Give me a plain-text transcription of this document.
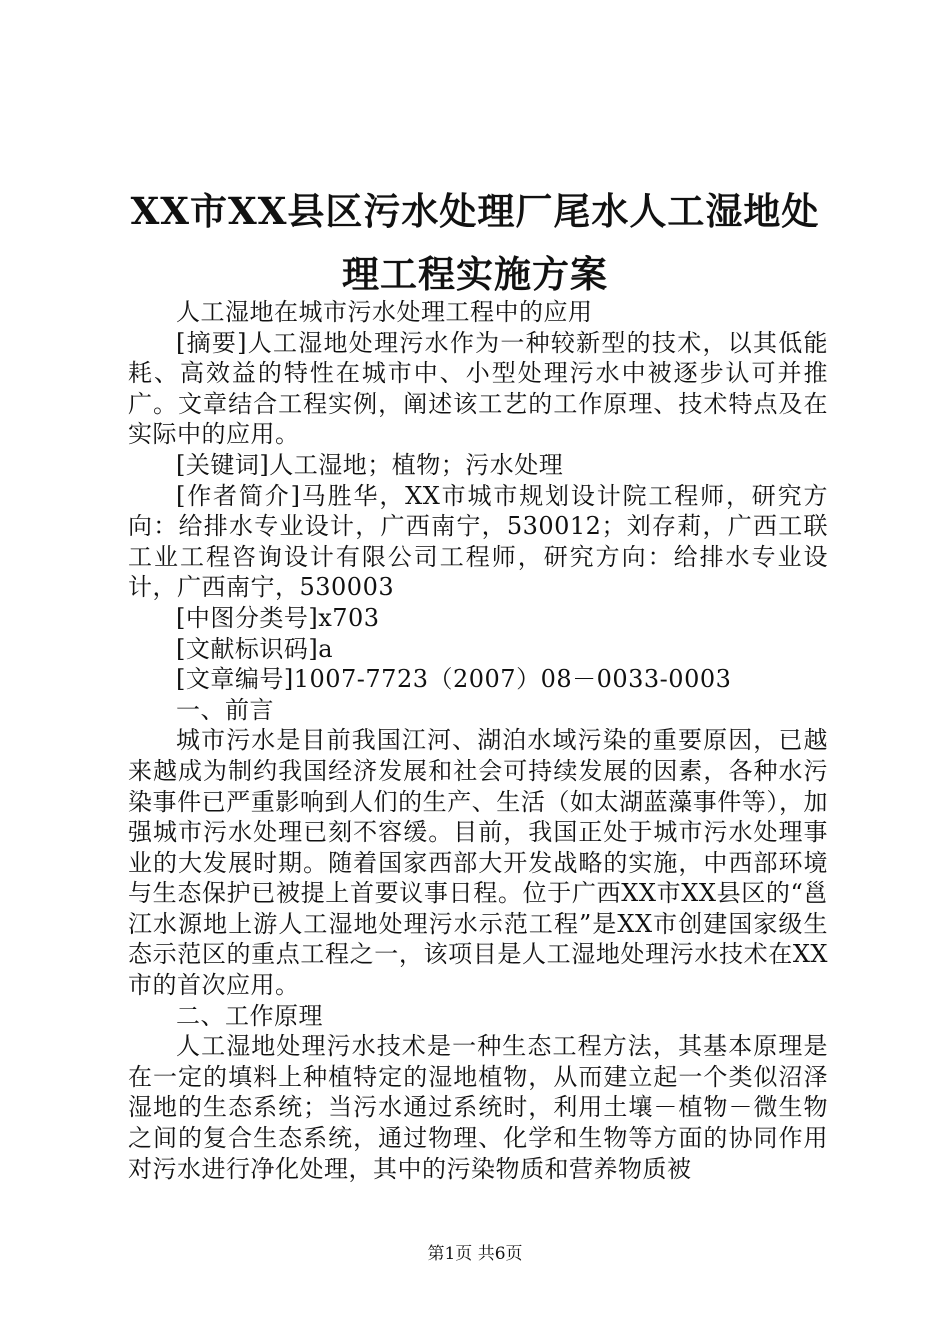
XX市XX县区污水处理厂尾水人工湿地处理工程实施方案

人工湿地在城市污水处理工程中的应用

[摘要]人工湿地处理污水作为一种较新型的技术，以其低能耗、高效益的特性在城市中、小型处理污水中被逐步认可并推广。文章结合工程实例，阐述该工艺的工作原理、技术特点及在实际中的应用。

[关键词]人工湿地；植物；污水处理

[作者简介]马胜华，XX市城市规划设计院工程师，研究方向：给排水专业设计，广西南宁，530012；刘存莉，广西工联工业工程咨询设计有限公司工程师，研究方向：给排水专业设计，广西南宁，530003

[中图分类号]x703

[文献标识码]a

[文章编号]1007-7723（2007）08－0033-0003

一、前言

城市污水是目前我国江河、湖泊水域污染的重要原因，已越来越成为制约我国经济发展和社会可持续发展的因素，各种水污染事件已严重影响到人们的生产、生活（如太湖蓝藻事件等），加强城市污水处理已刻不容缓。目前，我国正处于城市污水处理事业的大发展时期。随着国家西部大开发战略的实施，中西部环境与生态保护已被提上首要议事日程。位于广西XX市XX县区的“邕江水源地上游人工湿地处理污水示范工程”是XX市创建国家级生态示范区的重点工程之一，该项目是人工湿地处理污水技术在XX市的首次应用。

二、工作原理

人工湿地处理污水技术是一种生态工程方法，其基本原理是在一定的填料上种植特定的湿地植物，从而建立起一个类似沼泽湿地的生态系统；当污水通过系统时，利用土壤－植物－微生物之间的复合生态系统，通过物理、化学和生物等方面的协同作用对污水进行净化处理，其中的污染物质和营养物质被

第1页 共6页
